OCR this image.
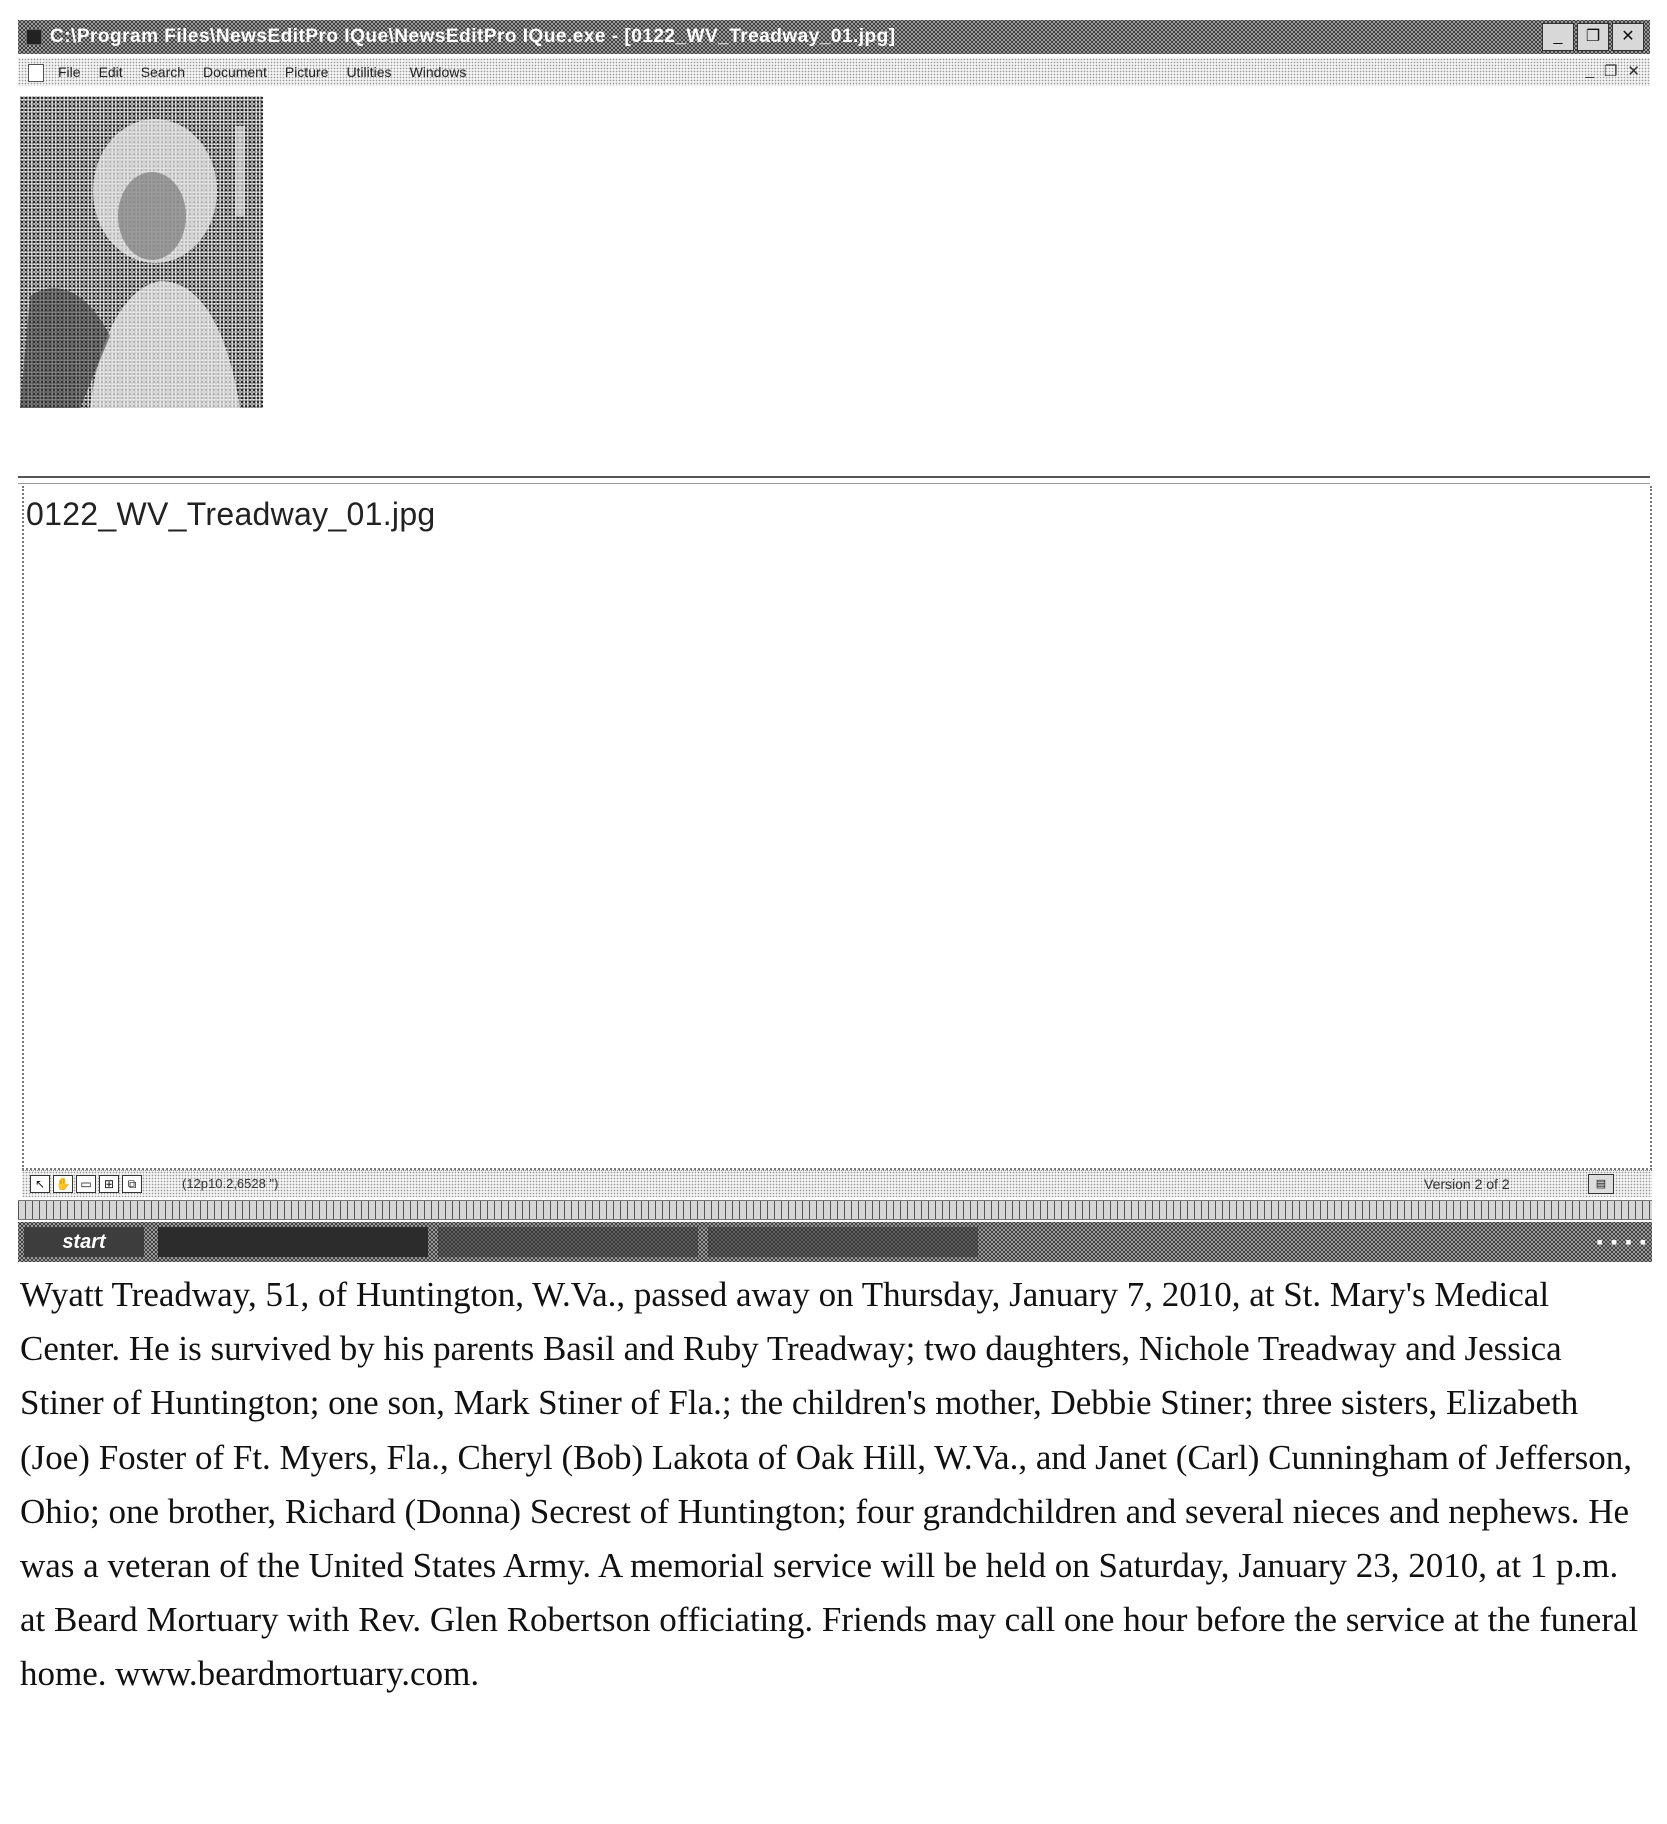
C:\Program Files\NewsEditPro IQue\NewsEditPro IQue.exe - [0122_WV_Treadway_01.jpg]	_	❐	✕
File Edit Search Document Picture Utilities Windows	_ ❐ ✕
0122_WV_Treadway_01.jpg
↖ ✋ ▭	⊞	⧉	(12p10.2,6528 ")	Version 2 of 2	▤
start	▪ ▪ ▪ ▪

Wyatt Treadway, 51, of Huntington, W.Va., passed away on Thursday, January 7, 2010, at St. Mary's Medical Center. He is survived by his parents Basil and Ruby Treadway; two daughters, Nichole Treadway and Jessica Stiner of Huntington; one son, Mark Stiner of Fla.; the children's mother, Debbie Stiner; three sisters, Elizabeth (Joe) Foster of Ft. Myers, Fla., Cheryl (Bob) Lakota of Oak Hill, W.Va., and Janet (Carl) Cunningham of Jefferson, Ohio; one brother, Richard (Donna) Secrest of Huntington; four grandchildren and several nieces and nephews. He was a veteran of the United States Army. A memorial service will be held on Saturday, January 23, 2010, at 1 p.m. at Beard Mortuary with Rev. Glen Robertson officiating. Friends may call one hour before the service at the funeral home. www.beardmortuary.com.
